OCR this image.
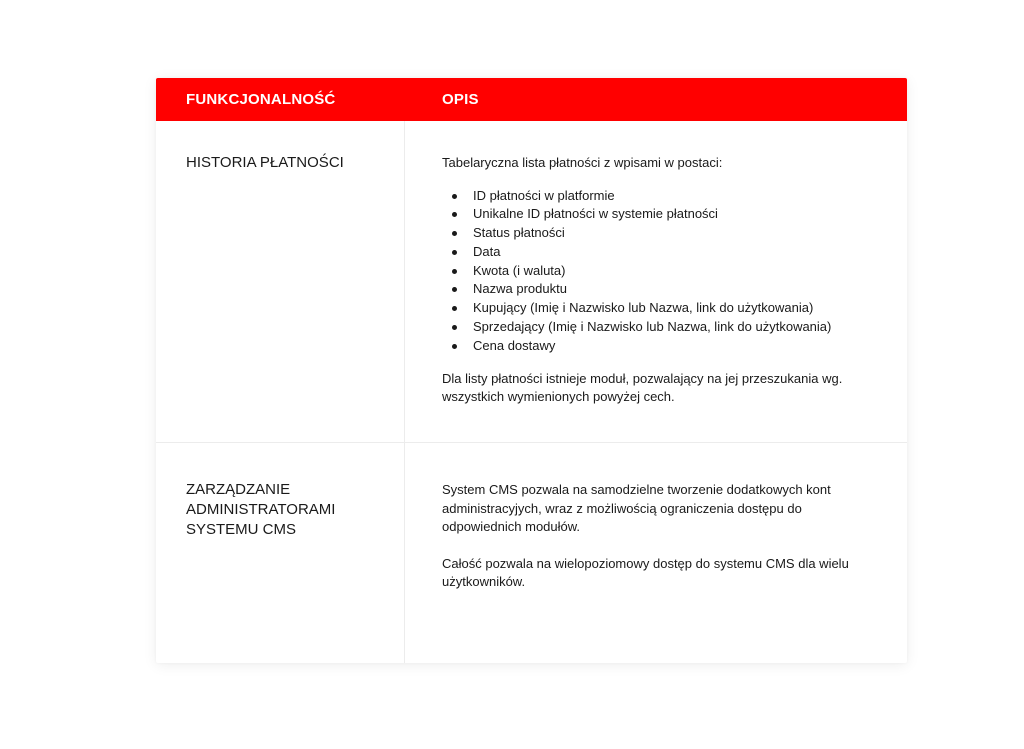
FUNKCJONALNOŚĆ	OPIS
HISTORIA PŁATNOŚCI	Tabelaryczna lista płatności z wpisami w postaci:

ID płatności w platformie
Unikalne ID płatności w systemie płatności
Status płatności
Data
Kwota (i waluta)
Nazwa produktu
Kupujący (Imię i Nazwisko lub Nazwa, link do użytkowania)
Sprzedający (Imię i Nazwisko lub Nazwa, link do użytkowania)
Cena dostawy

Dla listy płatności istnieje moduł, pozwalający na jej przeszukania wg. wszystkich wymienionych powyżej cech.

ZARZĄDZANIE ADMINISTRATORAMI SYSTEMU CMS

System CMS pozwala na samodzielne tworzenie dodatkowych kont administracyjych, wraz z możliwością ograniczenia dostępu do odpowiednich modułów.

Całość pozwala na wielopoziomowy dostęp do systemu CMS dla wielu użytkowników.
